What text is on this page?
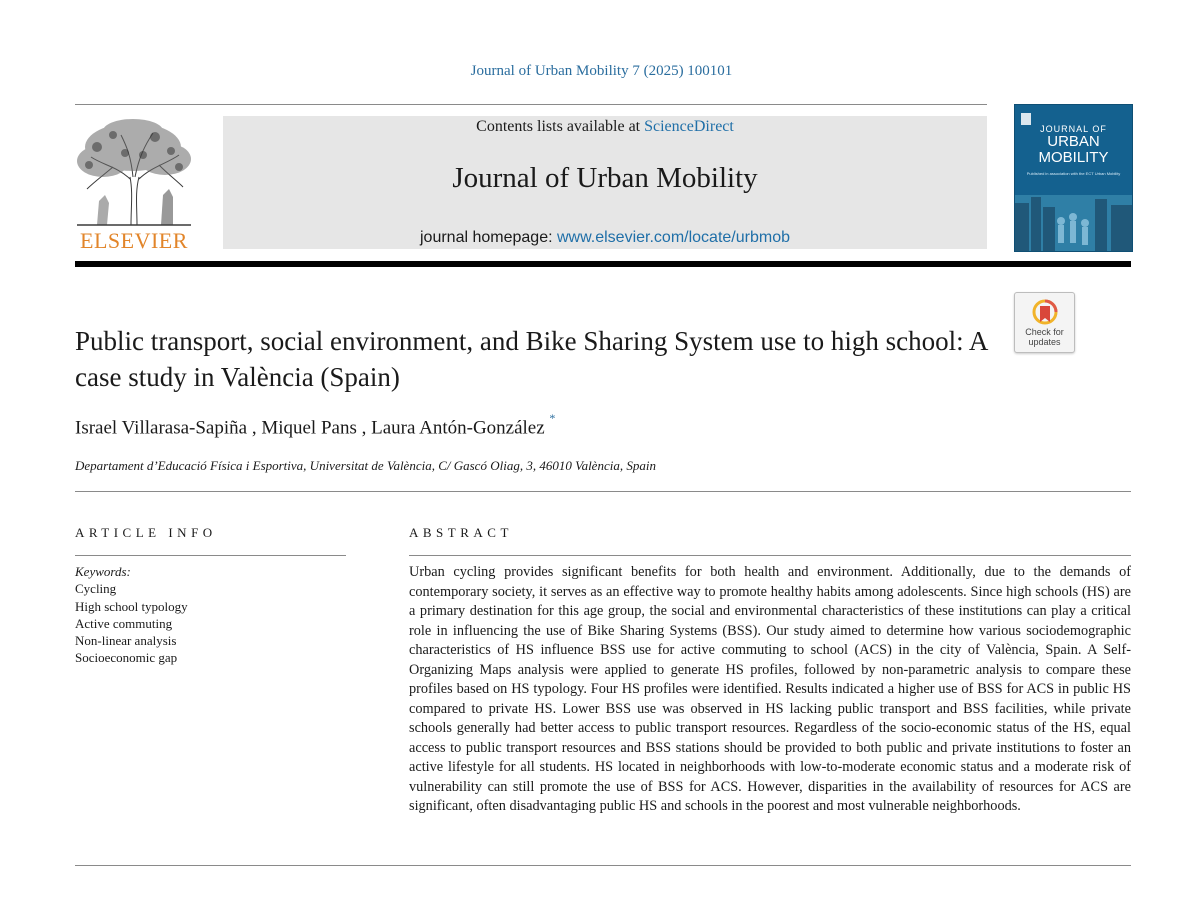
Journal of Urban Mobility 7 (2025) 100101
ELSEVIER
Contents lists available at ScienceDirect
Journal of Urban Mobility
journal homepage: www.elsevier.com/locate/urbmob
JOURNAL OF
URBAN
MOBILITY
Published in association with the ECT Urban Mobility
Check for
updates
Public transport, social environment, and Bike Sharing System use to high school: A case study in València (Spain)
Israel Villarasa-Sapiña , Miquel Pans , Laura Antón-González *
Departament d’Educació Física i Esportiva, Universitat de València, C/ Gascó Oliag, 3, 46010 València, Spain
ARTICLE INFO
Keywords:
Cycling
High school typology
Active commuting
Non-linear analysis
Socioeconomic gap
ABSTRACT

Urban cycling provides significant benefits for both health and environment. Additionally, due to the demands of contemporary society, it serves as an effective way to promote healthy habits among adolescents. Since high schools (HS) are a primary destination for this age group, the social and environmental characteristics of these institutions can play a critical role in influencing the use of Bike Sharing Systems (BSS). Our study aimed to determine how various sociodemographic characteristics of HS influence BSS use for active commuting to school (ACS) in the city of València, Spain. A Self-Organizing Maps analysis were applied to generate HS profiles, followed by non-parametric analysis to compare these profiles based on HS typology. Four HS profiles were identified. Results indicated a higher use of BSS for ACS in public HS compared to private HS. Lower BSS use was observed in HS lacking public transport and BSS facilities, while private schools generally had better access to public transport resources. Regardless of the socio-economic status of the HS, equal access to public transport resources and BSS stations should be provided to both public and private institutions to foster an active lifestyle for all students. HS located in neighborhoods with low-to-moderate economic status and a moderate risk of vulnerability can still promote the use of BSS for ACS. However, disparities in the availability of resources for ACS are significant, often disadvantaging public HS and schools in the poorest and most vulnerable neighborhoods.
